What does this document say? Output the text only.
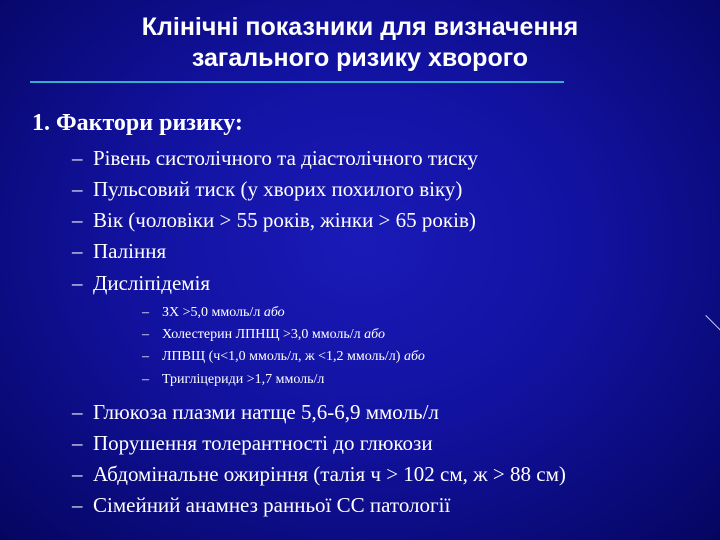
Клінічні показники для визначення
загального ризику хворого
1. Фактори ризику:
– Рівень систолічного та діастолічного тиску
– Пульсовий тиск (у хворих похилого віку)
– Вік (чоловіки > 55 років, жінки > 65 років)
– Паління
– Дисліпідемія
– ЗХ >5,0 ммоль/л або
– Холестерин ЛПНЩ >3,0 ммоль/л або
– ЛПВЩ (ч<1,0 ммоль/л, ж <1,2 ммоль/л) або
– Тригліцериди >1,7 ммоль/л
– Глюкоза плазми натще 5,6-6,9 ммоль/л
– Порушення толерантності до глюкози
– Абдомінальне ожиріння (талія ч > 102 см, ж > 88 см)
– Сімейний анамнез ранньої СС патології
